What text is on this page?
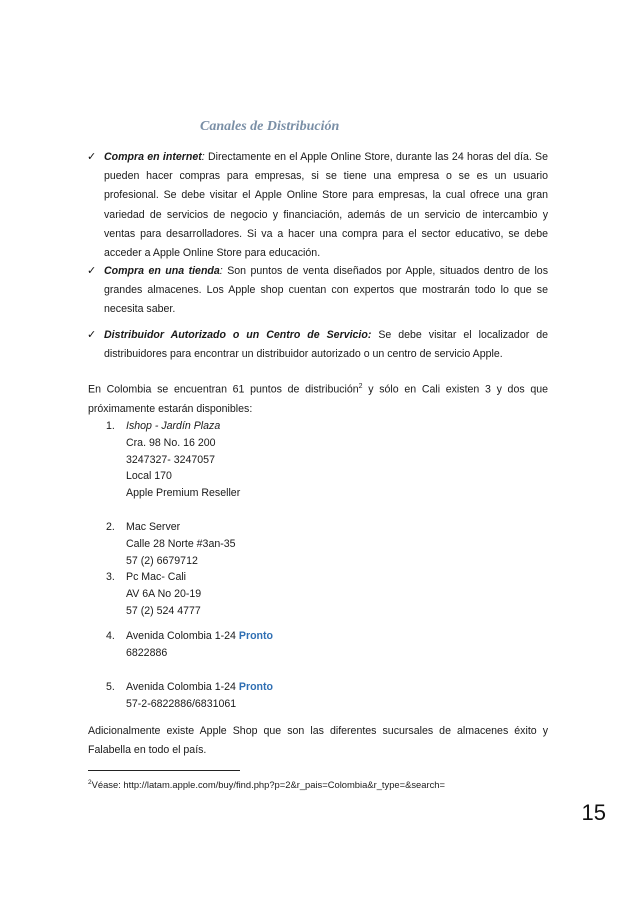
Canales de Distribución
✓ Compra en internet: Directamente en el Apple Online Store, durante las 24 horas del día. Se pueden hacer compras para empresas, si se tiene una empresa o se es un usuario profesional. Se debe visitar el Apple Online Store para empresas, la cual ofrece una gran variedad de servicios de negocio y financiación, además de un servicio de intercambio y ventas para desarrolladores. Si va a hacer una compra para el sector educativo, se debe acceder a Apple Online Store para educación.
✓ Compra en una tienda: Son puntos de venta diseñados por Apple, situados dentro de los grandes almacenes. Los Apple shop cuentan con expertos que mostrarán todo lo que se necesita saber.
✓ Distribuidor Autorizado o un Centro de Servicio: Se debe visitar el localizador de distribuidores para encontrar un distribuidor autorizado o un centro de servicio Apple.
En Colombia se encuentran 61 puntos de distribución$^2$ y sólo en Cali existen 3 y dos que próximamente estarán disponibles:
1. Ishop - Jardín Plaza
Cra. 98 No. 16 200
3247327- 3247057
Local 170
Apple Premium Reseller
2. Mac Server
Calle 28 Norte #3an-35
57 (2) 6679712
3. Pc Mac- Cali
AV 6A No 20-19
57 (2) 524 4777
4. Avenida Colombia 1-24 Pronto
6822886
5. Avenida Colombia 1-24 Pronto
57-2-6822886/6831061
Adicionalmente existe Apple Shop que son las diferentes sucursales de almacenes éxito y Falabella en todo el país.
$^2$Véase: http://latam.apple.com/buy/find.php?p=2&r_pais=Colombia&r_type=&search=
15
